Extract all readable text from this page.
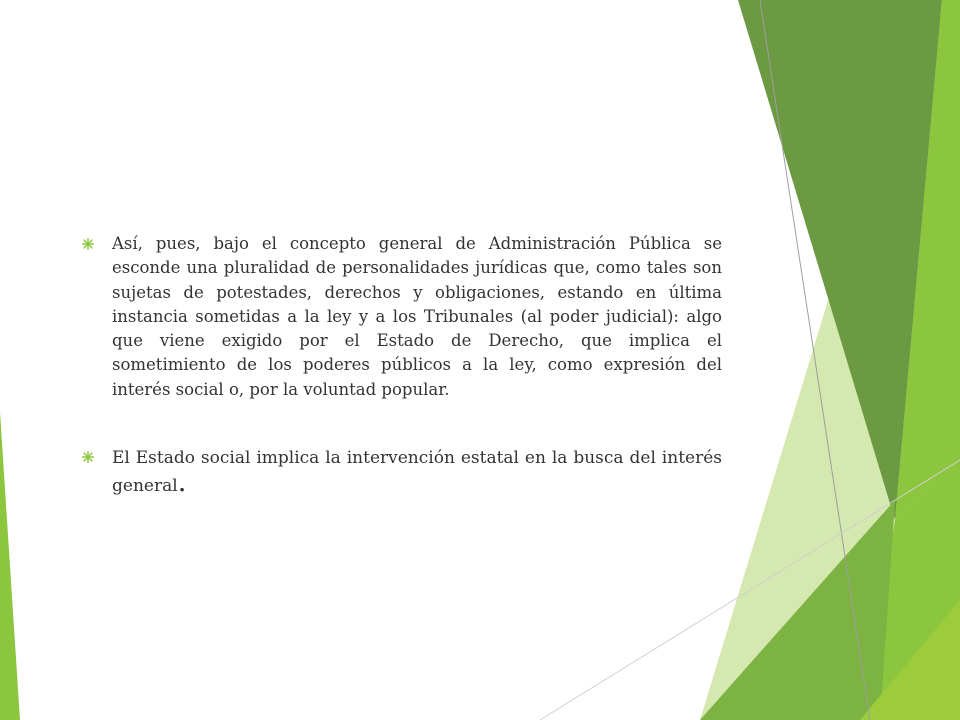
Así, pues, bajo el concepto general de Administración Pública se esconde una pluralidad de personalidades jurídicas que, como tales son sujetas de potestades, derechos y obligaciones, estando en última instancia sometidas a la ley y a los Tribunales (al poder judicial): algo que viene exigido por el Estado de Derecho, que implica el sometimiento de los poderes públicos a la ley, como expresión del interés social o, por la voluntad popular.
El Estado social implica la intervención estatal en la busca del interés general.
